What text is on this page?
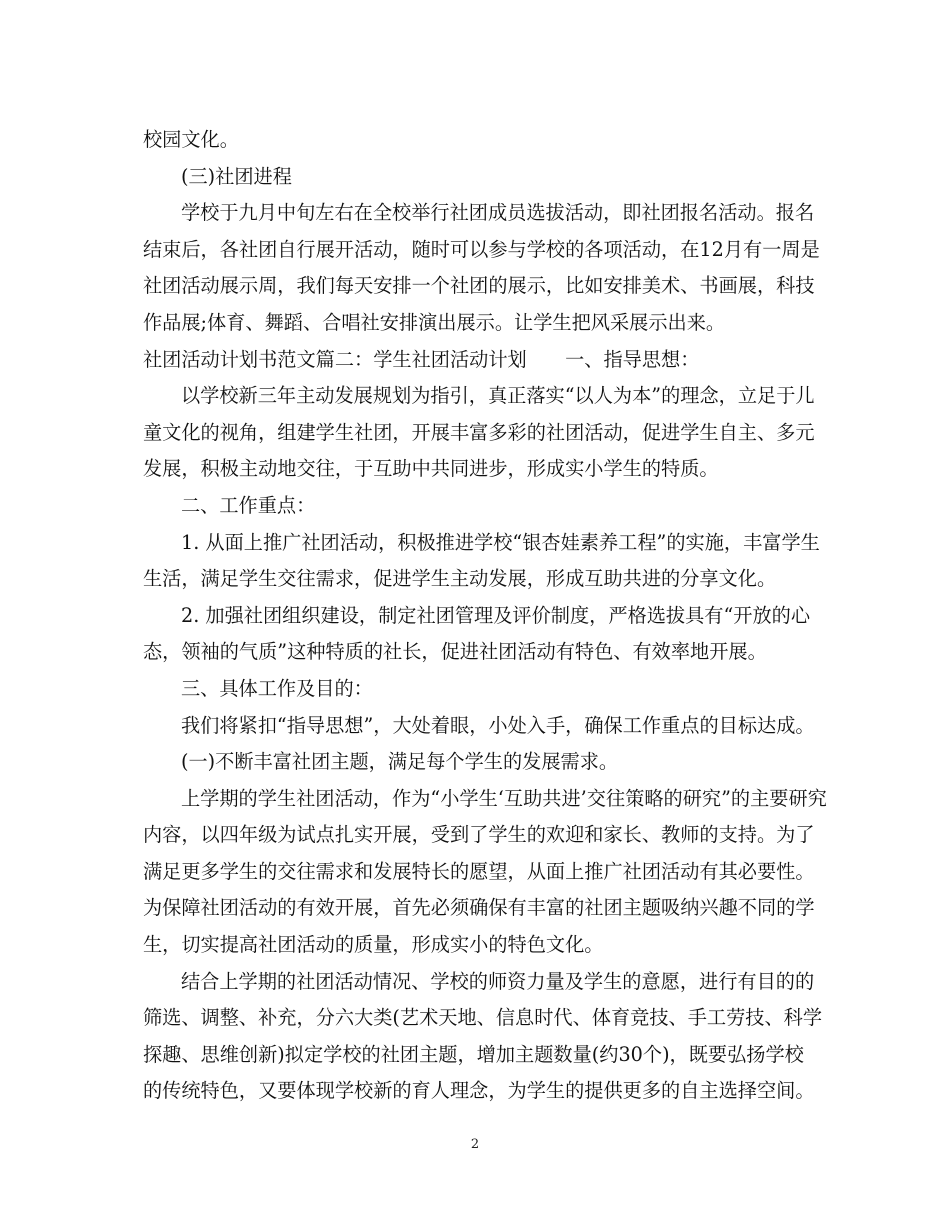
校园文化。
(三)社团进程
学校于九月中旬左右在全校举行社团成员选拔活动，即社团报名活动。报名
结束后，各社团自行展开活动，随时可以参与学校的各项活动，在12月有一周是
社团活动展示周，我们每天安排一个社团的展示，比如安排美术、书画展，科技
作品展;体育、舞蹈、合唱社安排演出展示。让学生把风采展示出来。
社团活动计划书范文篇二：学生社团活动计划　　一、指导思想：
以学校新三年主动发展规划为指引，真正落实“以人为本”的理念，立足于儿
童文化的视角，组建学生社团，开展丰富多彩的社团活动，促进学生自主、多元
发展，积极主动地交往，于互助中共同进步，形成实小学生的特质。
二、工作重点：
1. 从面上推广社团活动，积极推进学校“银杏娃素养工程”的实施，丰富学生
生活，满足学生交往需求，促进学生主动发展，形成互助共进的分享文化。
2. 加强社团组织建设，制定社团管理及评价制度，严格选拔具有“开放的心
态，领袖的气质”这种特质的社长，促进社团活动有特色、有效率地开展。
三、具体工作及目的：
我们将紧扣“指导思想”，大处着眼，小处入手，确保工作重点的目标达成。
(一)不断丰富社团主题，满足每个学生的发展需求。
上学期的学生社团活动，作为“小学生‘互助共进’交往策略的研究”的主要研究
内容，以四年级为试点扎实开展，受到了学生的欢迎和家长、教师的支持。为了
满足更多学生的交往需求和发展特长的愿望，从面上推广社团活动有其必要性。
为保障社团活动的有效开展，首先必须确保有丰富的社团主题吸纳兴趣不同的学
生，切实提高社团活动的质量，形成实小的特色文化。
结合上学期的社团活动情况、学校的师资力量及学生的意愿，进行有目的的
筛选、调整、补充，分六大类(艺术天地、信息时代、体育竞技、手工劳技、科学
探趣、思维创新)拟定学校的社团主题，增加主题数量(约30个)，既要弘扬学校
的传统特色，又要体现学校新的育人理念，为学生的提供更多的自主选择空间。
2
